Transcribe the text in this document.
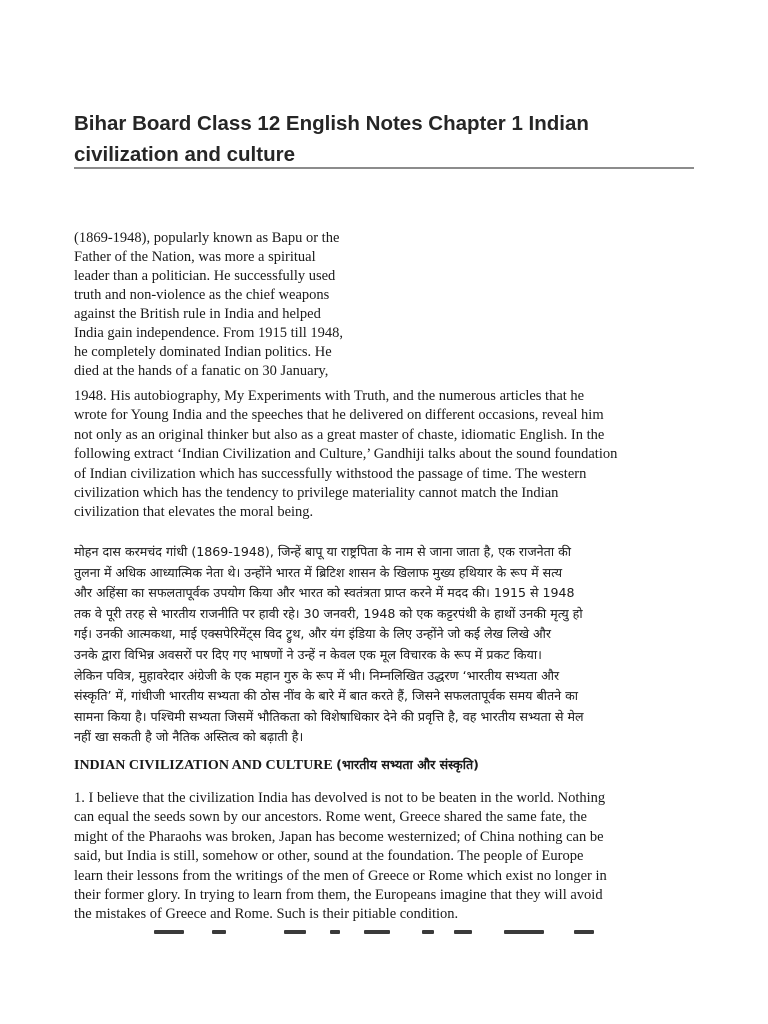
Bihar Board Class 12 English Notes Chapter 1 Indian
civilization and culture
(1869-1948), popularly known as Bapu or the
Father of the Nation, was more a spiritual
leader than a politician. He successfully used
truth and non-violence as the chief weapons
against the British rule in India and helped
India gain independence. From 1915 till 1948,
he completely dominated Indian politics. He
died at the hands of a fanatic on 30 January,
1948. His autobiography, My Experiments with Truth, and the numerous articles that he
wrote for Young India and the speeches that he delivered on different occasions, reveal him
not only as an original thinker but also as a great master of chaste, idiomatic English. In the
following extract ‘Indian Civilization and Culture,’ Gandhiji talks about the sound foundation
of Indian civilization which has successfully withstood the passage of time. The western
civilization which has the tendency to privilege materiality cannot match the Indian
civilization that elevates the moral being.
मोहन दास करमचंद गांधी (1869-1948), जिन्हें बापू या राष्ट्रपिता के नाम से जाना जाता है, एक राजनेता की
तुलना में अधिक आध्यात्मिक नेता थे। उन्होंने भारत में ब्रिटिश शासन के खिलाफ मुख्य हथियार के रूप में सत्य
और अहिंसा का सफलतापूर्वक उपयोग किया और भारत को स्वतंत्रता प्राप्त करने में मदद की। 1915 से 1948
तक वे पूरी तरह से भारतीय राजनीति पर हावी रहे। 30 जनवरी, 1948 को एक कट्टरपंथी के हाथों उनकी मृत्यु हो
गई। उनकी आत्मकथा, माई एक्सपेरिमेंट्स विद ट्रुथ, और यंग इंडिया के लिए उन्होंने जो कई लेख लिखे और
उनके द्वारा विभिन्न अवसरों पर दिए गए भाषणों ने उन्हें न केवल एक मूल विचारक के रूप में प्रकट किया।
लेकिन पवित्र, मुहावरेदार अंग्रेजी के एक महान गुरु के रूप में भी। निम्नलिखित उद्धरण ‘भारतीय सभ्यता और
संस्कृति’ में, गांधीजी भारतीय सभ्यता की ठोस नींव के बारे में बात करते हैं, जिसने सफलतापूर्वक समय बीतने का
सामना किया है। पश्चिमी सभ्यता जिसमें भौतिकता को विशेषाधिकार देने की प्रवृत्ति है, वह भारतीय सभ्यता से मेल
नहीं खा सकती है जो नैतिक अस्तित्व को बढ़ाती है।
INDIAN CIVILIZATION AND CULTURE (भारतीय सभ्यता और संस्कृति)
1. I believe that the civilization India has devolved is not to be beaten in the world. Nothing
can equal the seeds sown by our ancestors. Rome went, Greece shared the same fate, the
might of the Pharaohs was broken, Japan has become westernized; of China nothing can be
said, but India is still, somehow or other, sound at the foundation. The people of Europe
learn their lessons from the writings of the men of Greece or Rome which exist no longer in
their former glory. In trying to learn from them, the Europeans imagine that they will avoid
the mistakes of Greece and Rome. Such is their pitiable condition.
